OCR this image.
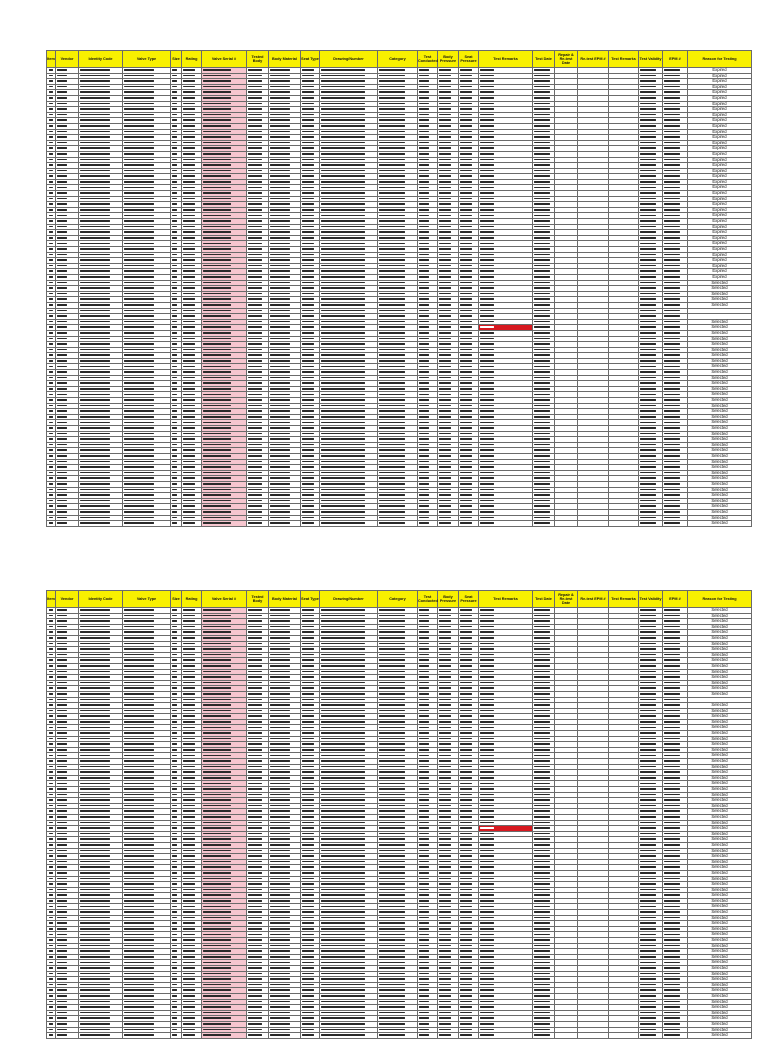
Item	Vendor	Identity Code	Valve Type	Size	Rating	Valve Serial #	Tested Body	Body Material	Seat Type	Drawing/Number	Category	Test Conducted	Body Pressure	Seat Pressure	Test Remarks	Test Date	Repair & Re-test Date	Re-test EPM #	Test Remarks	Test Validity	EPM #	Reason for Testing
																						Expired
																						Expired
																						Expired
																						Expired
																						Expired
																						Expired
																						Expired
																						Expired
																						Expired
																						Expired
																						Expired
																						Expired
																						Expired
																						Expired
																						Expired
																						Expired
																						Expired
																						Expired
																						Expired
																						Expired
																						Expired
																						Expired
																						Expired
																						Expired
																						Expired
																						Expired
																						Expired
																						Expired
																						Expired
																						Expired
																						Expired
																						Expired
																						Expired
																						Expired
																						Expired
																						Expired
																						Expired
																						Expired
																						Selected
																						Selected
																						Selected
																						Selected
																						Selected

																						Selected
																						Selected
																						Selected
																						Selected
																						Selected
																						Selected
																						Selected
																						Selected
																						Selected
																						Selected
																						Selected
																						Selected
																						Selected
																						Selected
																						Selected
																						Selected
																						Selected
																						Selected
																						Selected
																						Selected
																						Selected
																						Selected
																						Selected
																						Selected
																						Selected
																						Selected
																						Selected
																						Selected
																						Selected
																						Selected
																						Selected
																						Selected
																						Selected
																						Selected
																						Selected
																						Selected
																						Selected
Item	Vendor	Identity Code	Valve Type	Size	Rating	Valve Serial #	Tested Body	Body Material	Seat Type	Drawing/Number	Category	Test Conducted	Body Pressure	Seat Pressure	Test Remarks	Test Date	Repair & Re-test Date	Re-test EPM #	Test Remarks	Test Validity	EPM #	Reason for Testing
																						Selected
																						Selected
																						Selected
																						Selected
																						Selected
																						Selected
																						Selected
																						Selected
																						Selected
																						Selected
																						Selected
																						Selected
																						Selected
																						Selected
																						Selected
																						Selected

																						Selected
																						Selected
																						Selected
																						Selected
																						Selected
																						Selected
																						Selected
																						Selected
																						Selected
																						Selected
																						Selected
																						Selected
																						Selected
																						Selected
																						Selected
																						Selected
																						Selected
																						Selected
																						Selected
																						Selected
																						Selected
																						Selected
																						Selected
																						Selected
																						Selected
																						Selected
																						Selected
																						Selected
																						Selected
																						Selected
																						Selected
																						Selected
																						Selected
																						Selected
																						Selected
																						Selected
																						Selected
																						Selected
																						Selected
																						Selected
																						Selected
																						Selected
																						Selected
																						Selected
																						Selected
																						Selected
																						Selected
																						Selected
																						Selected
																						Selected
																						Selected
																						Selected
																						Selected
																						Selected
																						Selected
																						Selected
																						Selected
																						Selected
																						Selected
																						Selected
